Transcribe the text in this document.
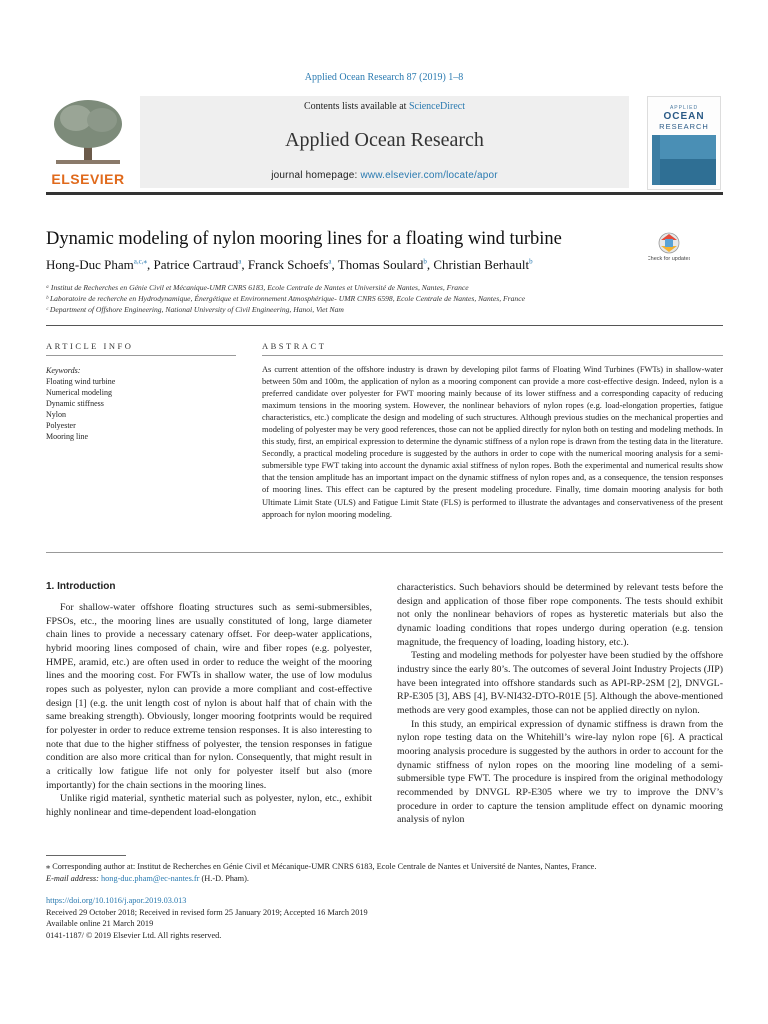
Applied Ocean Research 87 (2019) 1–8
ELSEVIER
Contents lists available at ScienceDirect
Applied Ocean Research
journal homepage: www.elsevier.com/locate/apor
APPLIED
OCEAN
RESEARCH
Check for updates
Dynamic modeling of nylon mooring lines for a floating wind turbine
Hong-Duc Pham$^{a,c,⁎}$, Patrice Cartraud$^a$, Franck Schoefs$^a$, Thomas Soulard$^b$, Christian Berhault$^b$
ᵃ Institut de Recherches en Génie Civil et Mécanique-UMR CNRS 6183, Ecole Centrale de Nantes et Université de Nantes, Nantes, France
ᵇ Laboratoire de recherche en Hydrodynamique, Énergétique et Environnement Atmosphérique- UMR CNRS 6598, Ecole Centrale de Nantes, Nantes, France
ᶜ Department of Offshore Engineering, National University of Civil Engineering, Hanoi, Viet Nam
ARTICLE INFO
Keywords:
Floating wind turbine
Numerical modeling
Dynamic stiffness
Nylon
Polyester
Mooring line
ABSTRACT
As current attention of the offshore industry is drawn by developing pilot farms of Floating Wind Turbines (FWTs) in shallow-water between 50m and 100m, the application of nylon as a mooring component can provide a more cost-effective design. Indeed, nylon is a preferred candidate over polyester for FWT mooring mainly because of its lower stiffness and a corresponding capacity of reducing maximum tensions in the mooring system. However, the nonlinear behaviors of nylon ropes (e.g. load-elongation properties, fatigue characteristics, etc.) complicate the design and modeling of such structures. Although previous studies on the mechanical properties and modeling of polyester may be very good references, those can not be applied directly for nylon both on testing and modeling methods. In this study, first, an empirical expression to determine the dynamic stiffness of a nylon rope is drawn from the testing data in the literature. Secondly, a practical modeling procedure is suggested by the authors in order to cope with the numerical mooring analysis for a semi-submersible type FWT taking into account the dynamic axial stiffness of nylon ropes. Both the experimental and numerical results show that the tension amplitude has an important impact on the dynamic stiffness of nylon ropes and, as a consequence, the tension responses of mooring lines. This effect can be captured by the present modeling procedure. Finally, time domain mooring analysis for both Ultimate Limit State (ULS) and Fatigue Limit State (FLS) is performed to illustrate the advantages and conservativeness of the present approach for nylon mooring modeling.
1. Introduction

For shallow-water offshore floating structures such as semi-submersibles, FPSOs, etc., the mooring lines are usually constituted of long, large diameter chain lines to provide a necessary catenary offset. For deep-water applications, hybrid mooring lines composed of chain, wire and fiber ropes (e.g. polyester, HMPE, aramid, etc.) are often used in order to reduce the weight of the mooring lines and the mooring cost. For FWTs in shallow water, the use of low modulus ropes such as polyester, nylon can provide a more compliant and cost-effective design [1] (e.g. the unit length cost of nylon is about half that of chain with the same breaking strength). Obviously, longer mooring footprints would be required for polyester in order to reduce extreme tension responses. It is also interesting to note that due to the higher stiffness of polyester, the tension responses in fatigue condition are also more critical than for nylon. Consequently, that might result in a critically low fatigue life not only for polyester itself but also (more importantly) for the chain sections in the mooring lines.

Unlike rigid material, synthetic material such as polyester, nylon, etc., exhibit highly nonlinear and time-dependent load-elongation

characteristics. Such behaviors should be determined by relevant tests before the design and application of those fiber rope components. The tests should exhibit not only the nonlinear behaviors of ropes as hysteretic materials but also the dynamic loading conditions that ropes undergo during operation (e.g. tension magnitude, the frequency of loading, loading history, etc.).

Testing and modeling methods for polyester have been studied by the offshore industry since the early 80’s. The outcomes of several Joint Industry Projects (JIP) have been integrated into offshore standards such as API-RP-2SM [2], DNVGL-RP-E305 [3], ABS [4], BV-NI432-DTO-R01E [5]. Although the above-mentioned methods are very good examples, those can not be applied directly on nylon.

In this study, an empirical expression of dynamic stiffness is drawn from the nylon rope testing data on the Whitehill’s wire-lay nylon rope [6]. A practical mooring analysis procedure is suggested by the authors in order to account for the dynamic stiffness of nylon ropes on the mooring line modeling of a semi-submersible type FWT. The procedure is inspired from the original methodology recommended by DNVGL RP-E305 where we try to improve the DNV’s procedure in order to capture the tension amplitude effect on dynamic mooring analysis of nylon

⁎ Corresponding author at: Institut de Recherches en Génie Civil et Mécanique-UMR CNRS 6183, Ecole Centrale de Nantes et Université de Nantes, Nantes, France.
E-mail address: hong-duc.pham@ec-nantes.fr (H.-D. Pham).
https://doi.org/10.1016/j.apor.2019.03.013
Received 29 October 2018; Received in revised form 25 January 2019; Accepted 16 March 2019
Available online 21 March 2019
0141-1187/ © 2019 Elsevier Ltd. All rights reserved.
